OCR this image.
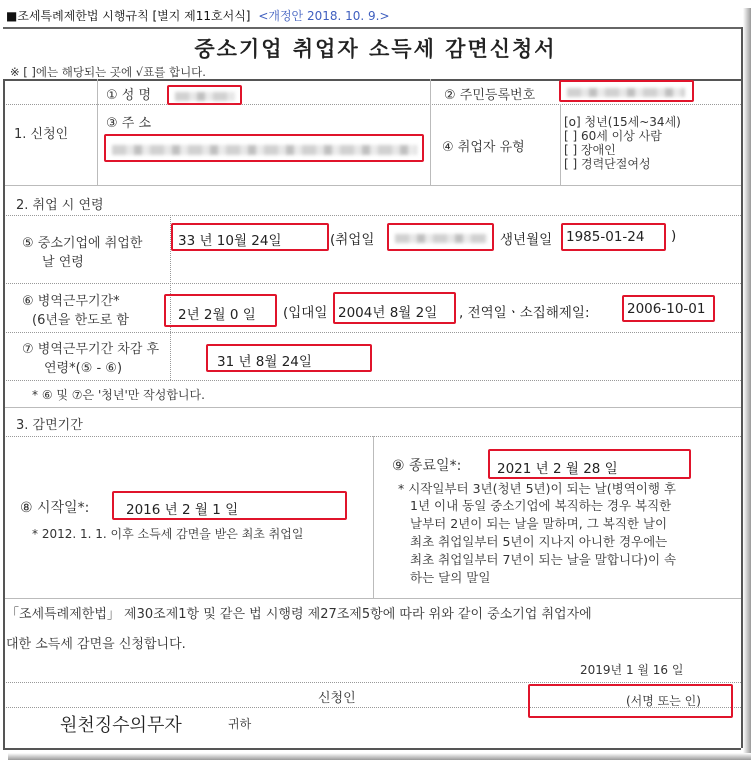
■조세특례제한법 시행규칙 [별지 제11호서식] <개정안 2018. 10. 9.>
중소기업 취업자 소득세 감면신청서
※ [ ]에는 해당되는 곳에 √표를 합니다.
1. 신청인
① 성 명	② 주민등록번호
③ 주 소
④ 취업자 유형
[o] 청년(15세~34세)
[ ] 60세 이상 사람
[ ] 장애인
[ ] 경력단절여성
2. 취업 시 연령
⑤ 중소기업에 취업한
날 연령
33 년 10월 24일	(취업일	생년월일 1985-01-24 )
⑥ 병역근무기간*
(6년을 한도로 함	2년 2월 0 일 (입대일 2004년 8월 2일 , 전역일ㆍ소집해제일:	2006-10-01
⑦ 병역근무기간 차감 후
연령*(⑤ - ⑥)	31 년 8월 24일
* ⑥ 및 ⑦은 '청년'만 작성합니다.
3. 감면기간
⑧ 시작일*:	2016 년 2 월 1 일
* 2012. 1. 1. 이후 소득세 감면을 받은 최초 취업일
⑨ 종료일*:	2021 년 2 월 28 일
* 시작일부터 3년(청년 5년)이 되는 날(병역이행 후
1년 이내 동일 중소기업에 복직하는 경우 복직한
날부터 2년이 되는 날을 말하며, 그 복직한 날이
최초 취업일부터 5년이 지나지 아니한 경우에는
최초 취업일부터 7년이 되는 날을 말합니다)이 속
하는 달의 말일
「조세특례제한법」 제30조제1항 및 같은 법 시행령 제27조제5항에 따라 위와 같이 중소기업 취업자에
대한 소득세 감면을 신청합니다.
2019년 1 월 16 일
신청인	(서명 또는 인)
원천징수의무자	귀하
